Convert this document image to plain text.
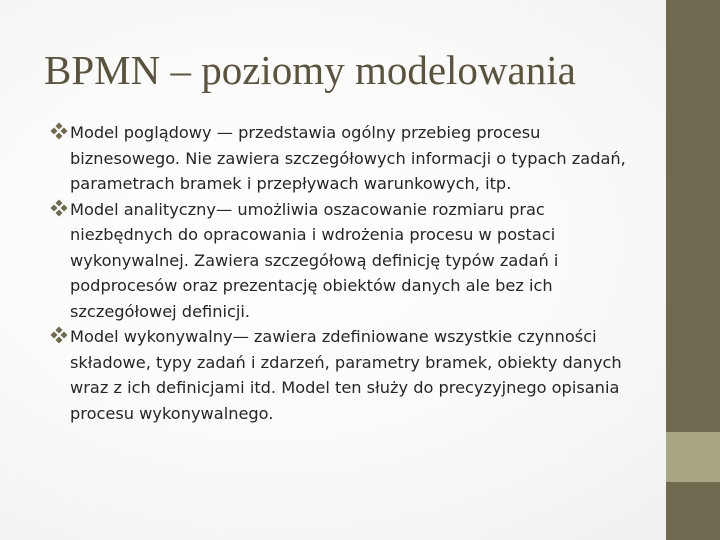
BPMN – poziomy modelowania
Model poglądowy — przedstawia ogólny przebieg procesu biznesowego. Nie zawiera szczegółowych informacji o typach zadań, parametrach bramek i przepływach warunkowych, itp.
Model analityczny— umożliwia oszacowanie rozmiaru prac niezbędnych do opracowania i wdrożenia procesu w postaci wykonywalnej. Zawiera szczegółową definicję typów zadań i podprocesów oraz prezentację obiektów danych ale bez ich szczegółowej definicji.
Model wykonywalny— zawiera zdefiniowane wszystkie czynności składowe, typy zadań i zdarzeń, parametry bramek, obiekty danych wraz z ich definicjami itd. Model ten służy do precyzyjnego opisania procesu wykonywalnego.
